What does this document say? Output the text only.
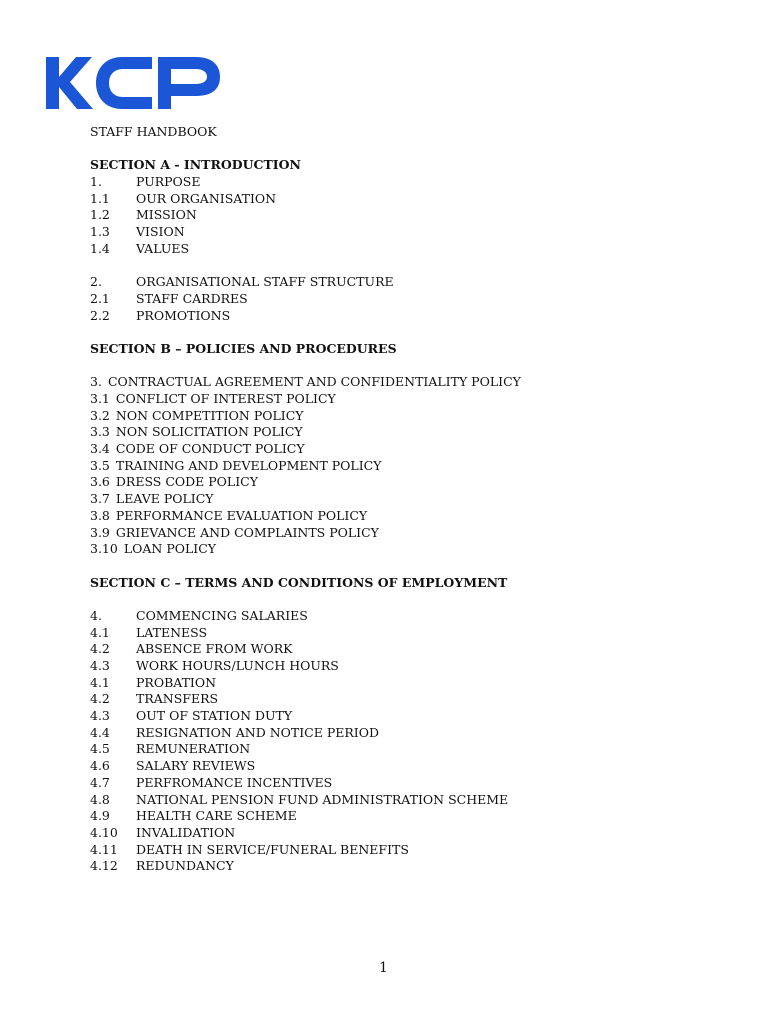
STAFF HANDBOOK
SECTION A - INTRODUCTION
1.	PURPOSE
1.1	OUR ORGANISATION
1.2	MISSION
1.3	VISION
1.4	VALUES
2.	ORGANISATIONAL STAFF STRUCTURE
2.1	STAFF CARDRES
2.2	PROMOTIONS
SECTION B – POLICIES AND PROCEDURES
3. CONTRACTUAL AGREEMENT AND CONFIDENTIALITY POLICY
3.1 CONFLICT OF INTEREST POLICY
3.2 NON COMPETITION POLICY
3.3 NON SOLICITATION POLICY
3.4 CODE OF CONDUCT POLICY
3.5 TRAINING AND DEVELOPMENT POLICY
3.6 DRESS CODE POLICY
3.7 LEAVE POLICY
3.8 PERFORMANCE EVALUATION POLICY
3.9 GRIEVANCE AND COMPLAINTS POLICY
3.10 LOAN POLICY
SECTION C – TERMS AND CONDITIONS OF EMPLOYMENT
4.	COMMENCING SALARIES
4.1	LATENESS
4.2	ABSENCE FROM WORK
4.3	WORK HOURS/LUNCH HOURS
4.1	PROBATION
4.2	TRANSFERS
4.3	OUT OF STATION DUTY
4.4	RESIGNATION AND NOTICE PERIOD
4.5	REMUNERATION
4.6	SALARY REVIEWS
4.7	PERFROMANCE INCENTIVES
4.8	NATIONAL PENSION FUND ADMINISTRATION SCHEME
4.9	HEALTH CARE SCHEME
4.10	INVALIDATION
4.11	DEATH IN SERVICE/FUNERAL BENEFITS
4.12	REDUNDANCY
1
